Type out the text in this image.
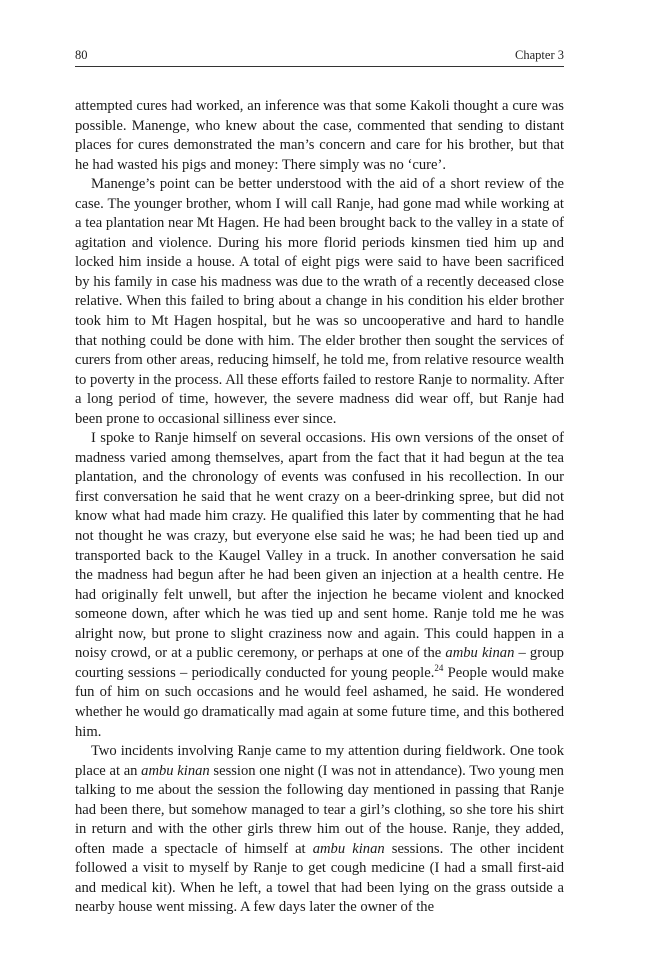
80	Chapter 3

attempted cures had worked, an inference was that some Kakoli thought a cure was possible. Manenge, who knew about the case, commented that sending to distant places for cures demonstrated the man’s concern and care for his brother, but that he had wasted his pigs and money: There simply was no ‘cure’.

Manenge’s point can be better understood with the aid of a short review of the case. The younger brother, whom I will call Ranje, had gone mad while working at a tea plantation near Mt Hagen. He had been brought back to the valley in a state of agitation and violence. During his more florid periods kinsmen tied him up and locked him inside a house. A total of eight pigs were said to have been sacrificed by his family in case his madness was due to the wrath of a recently deceased close relative. When this failed to bring about a change in his condition his elder brother took him to Mt Hagen hospital, but he was so uncooperative and hard to handle that nothing could be done with him. The elder brother then sought the services of curers from other areas, reducing himself, he told me, from relative resource wealth to poverty in the process. All these efforts failed to restore Ranje to normality. After a long period of time, however, the severe madness did wear off, but Ranje had been prone to occasional silliness ever since.

I spoke to Ranje himself on several occasions. His own versions of the onset of madness varied among themselves, apart from the fact that it had begun at the tea plantation, and the chronology of events was confused in his recollection. In our first conversation he said that he went crazy on a beer-drinking spree, but did not know what had made him crazy. He qualified this later by commenting that he had not thought he was crazy, but everyone else said he was; he had been tied up and transported back to the Kaugel Valley in a truck. In another conversation he said the madness had begun after he had been given an injection at a health centre. He had originally felt unwell, but after the injection he became violent and knocked someone down, after which he was tied up and sent home. Ranje told me he was alright now, but prone to slight craziness now and again. This could happen in a noisy crowd, or at a public ceremony, or perhaps at one of the ambu kinan – group courting sessions – periodically conducted for young people.$^{24}$ People would make fun of him on such occasions and he would feel ashamed, he said. He wondered whether he would go dramatically mad again at some future time, and this bothered him.

Two incidents involving Ranje came to my attention during fieldwork. One took place at an ambu kinan session one night (I was not in attendance). Two young men talking to me about the session the following day mentioned in passing that Ranje had been there, but somehow managed to tear a girl’s clothing, so she tore his shirt in return and with the other girls threw him out of the house. Ranje, they added, often made a spectacle of himself at ambu kinan sessions. The other incident followed a visit to myself by Ranje to get cough medicine (I had a small first-aid and medical kit). When he left, a towel that had been lying on the grass outside a nearby house went missing. A few days later the owner of the
